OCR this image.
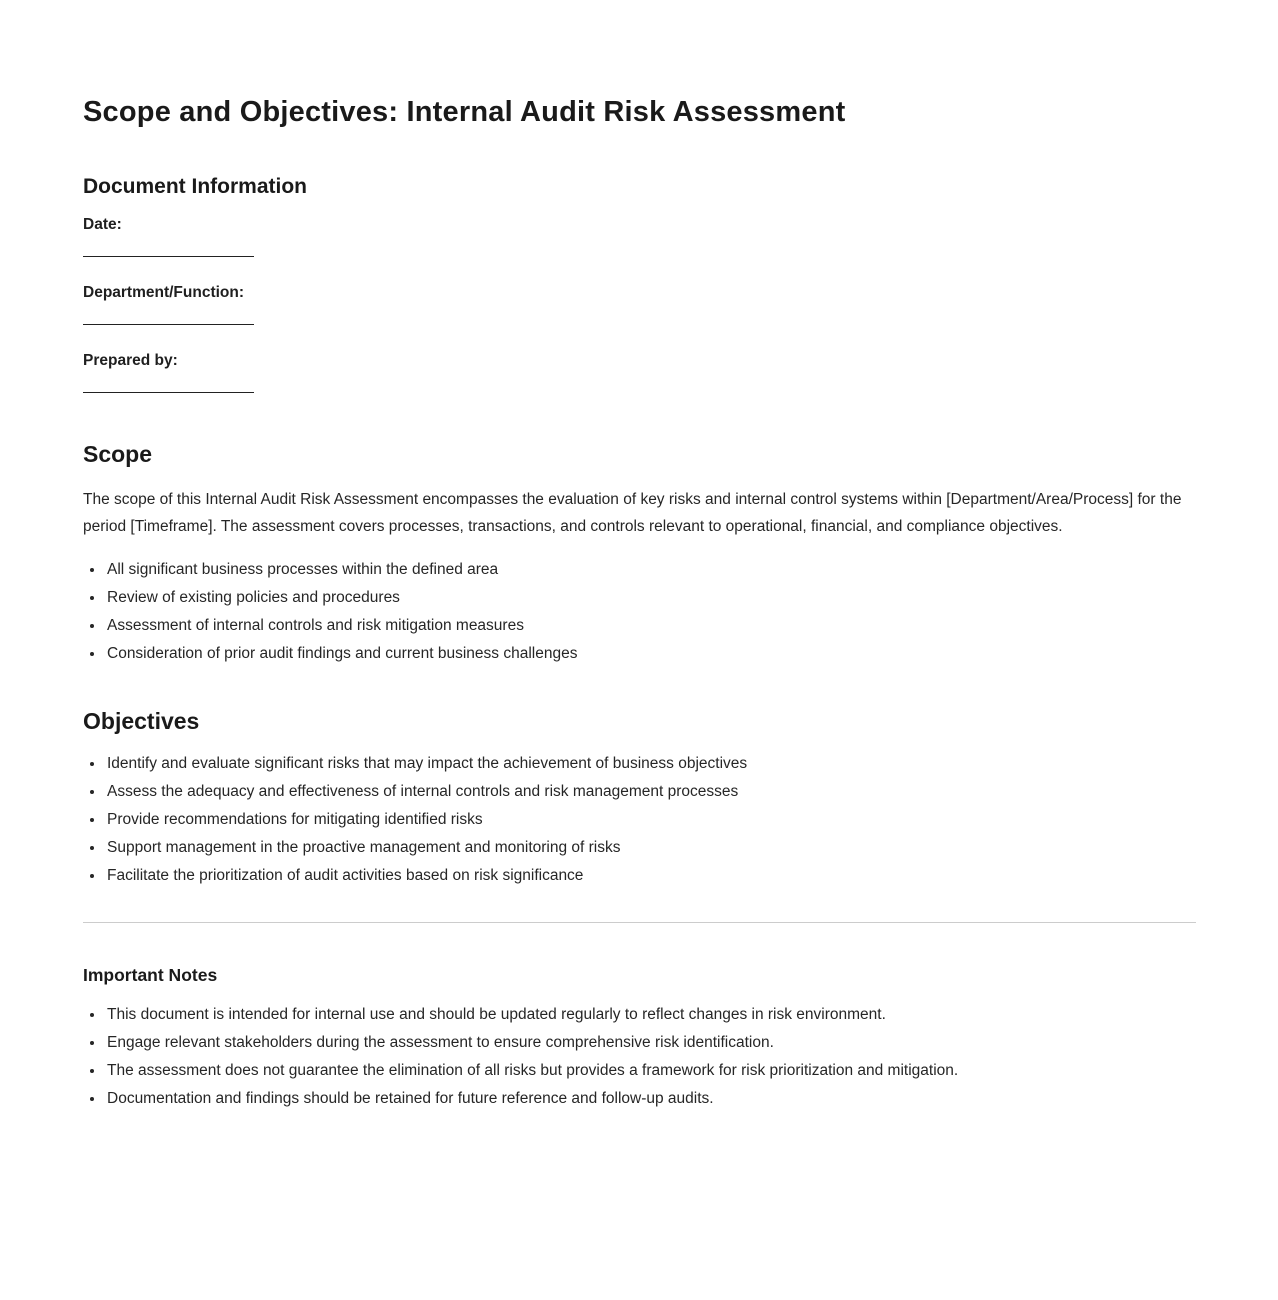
Scope and Objectives: Internal Audit Risk Assessment
Document Information
Date:
Department/Function:
Prepared by:
Scope

The scope of this Internal Audit Risk Assessment encompasses the evaluation of key risks and internal control systems within [Department/Area/Process] for the period [Timeframe]. The assessment covers processes, transactions, and controls relevant to operational, financial, and compliance objectives.

• All significant business processes within the defined area
• Review of existing policies and procedures
• Assessment of internal controls and risk mitigation measures
• Consideration of prior audit findings and current business challenges
Objectives
• Identify and evaluate significant risks that may impact the achievement of business objectives
• Assess the adequacy and effectiveness of internal controls and risk management processes
• Provide recommendations for mitigating identified risks
• Support management in the proactive management and monitoring of risks
• Facilitate the prioritization of audit activities based on risk significance
Important Notes
• This document is intended for internal use and should be updated regularly to reflect changes in risk environment.
• Engage relevant stakeholders during the assessment to ensure comprehensive risk identification.
• The assessment does not guarantee the elimination of all risks but provides a framework for risk prioritization and mitigation.
• Documentation and findings should be retained for future reference and follow-up audits.
